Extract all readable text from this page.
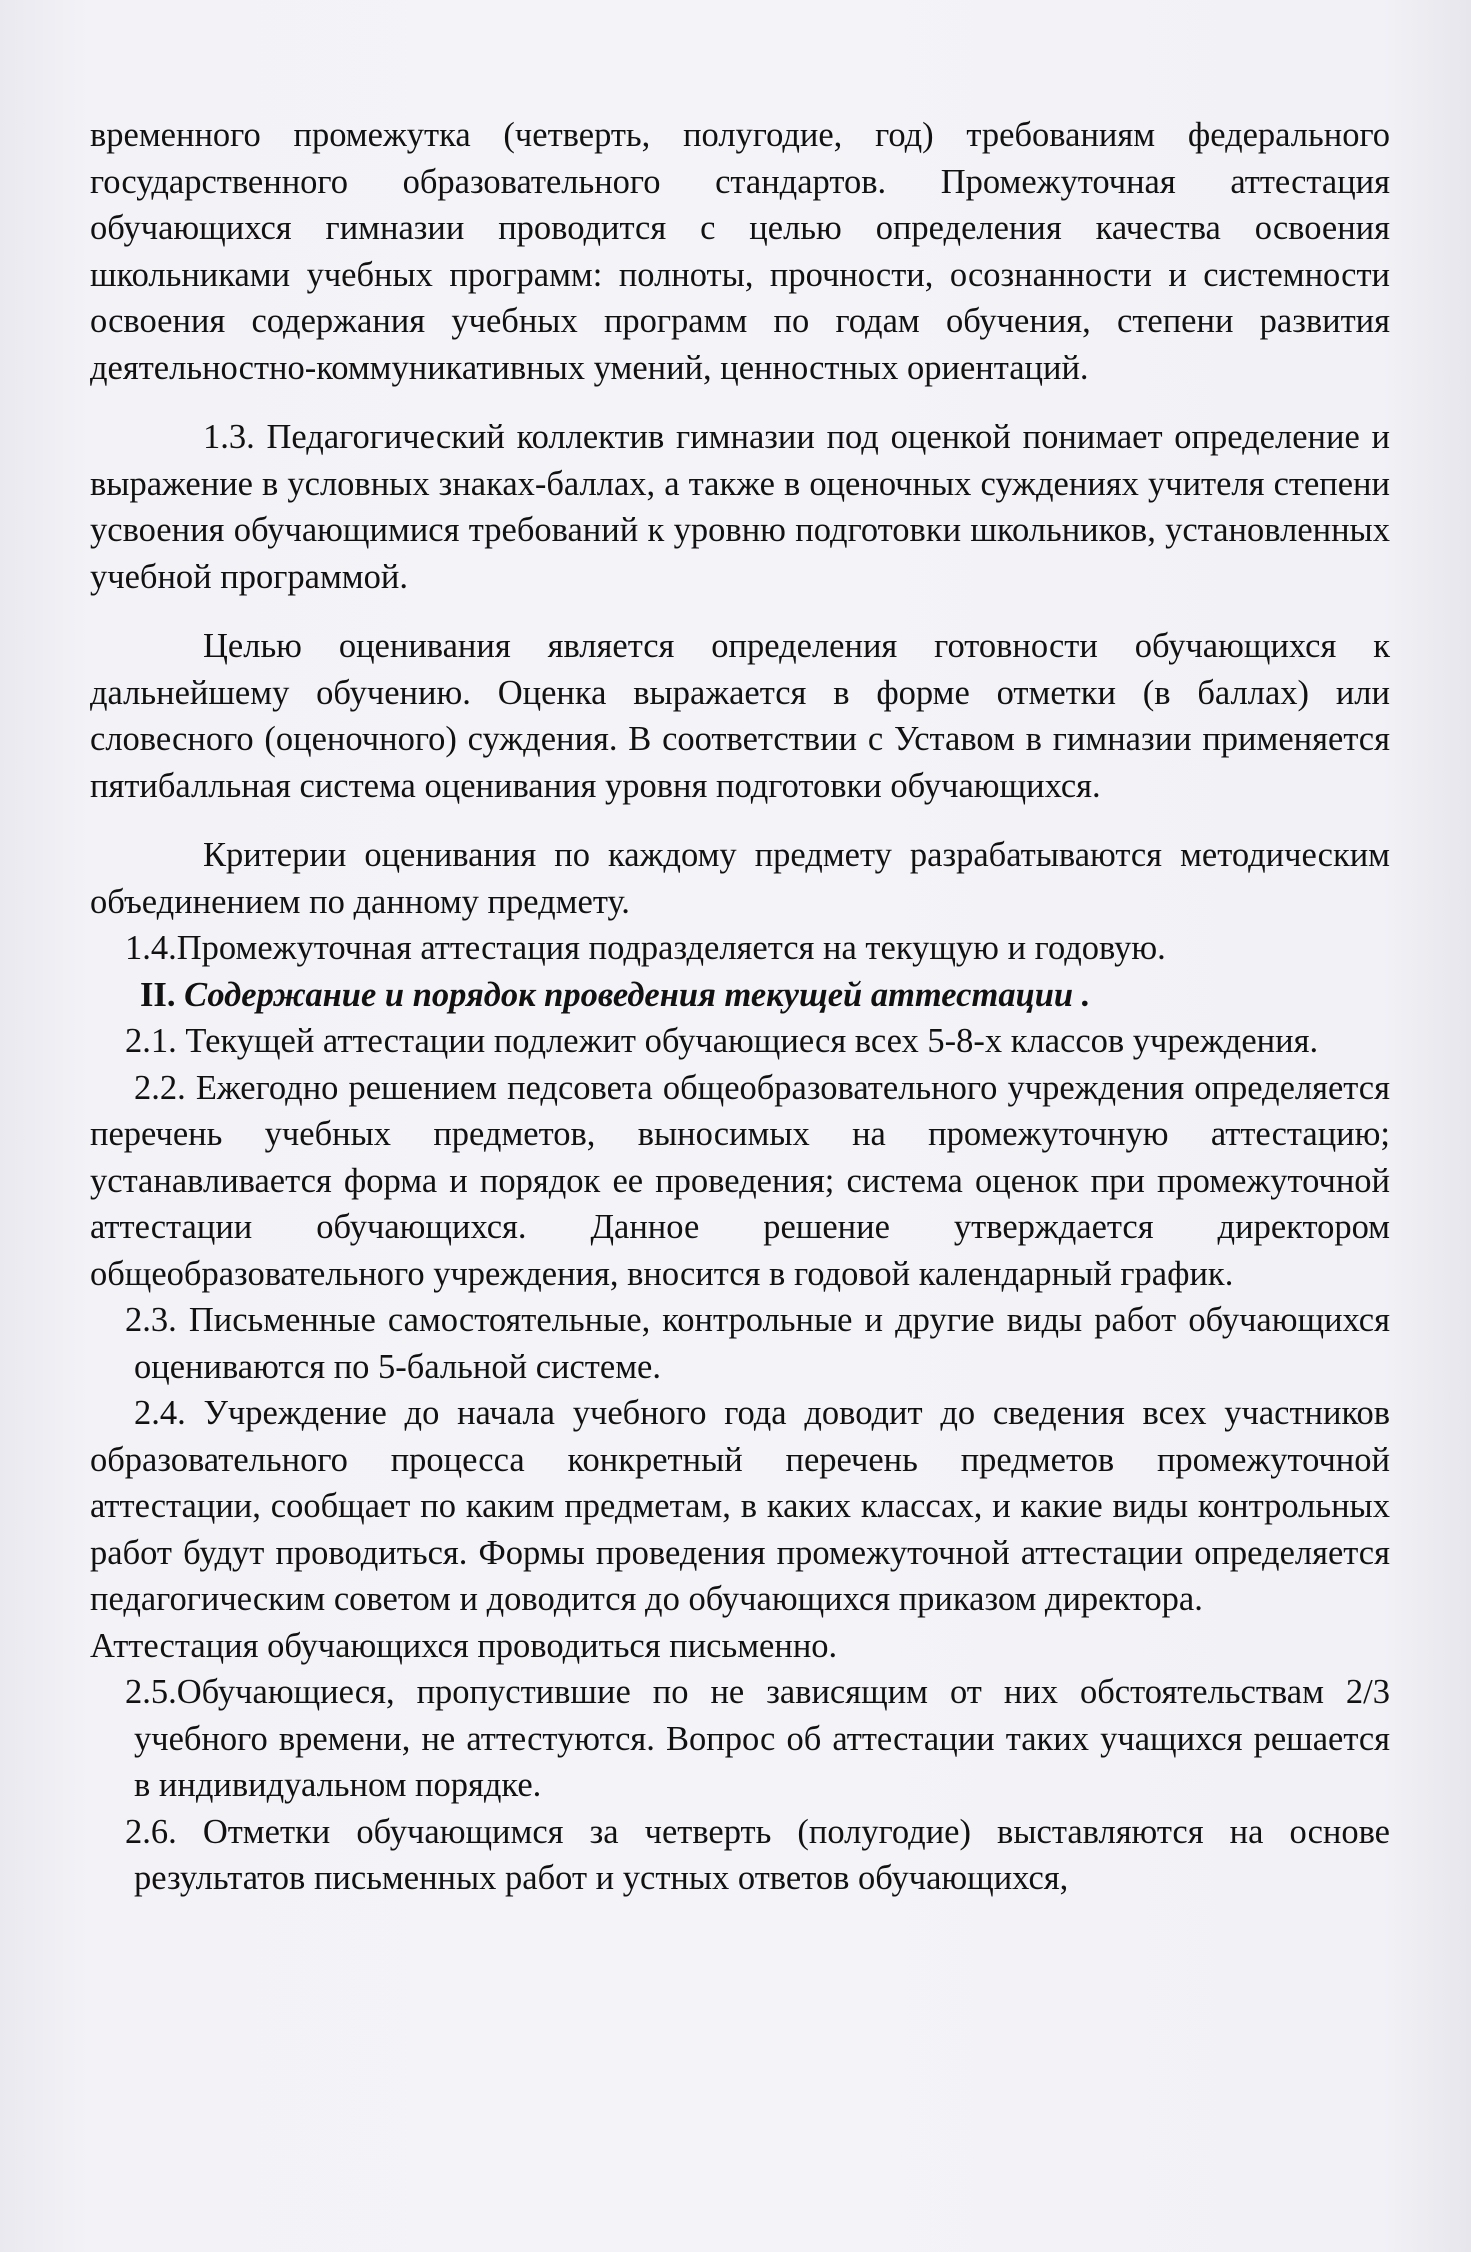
временного промежутка (четверть, полугодие, год) требованиям федерального государственного образовательного стандартов. Промежуточная аттестация обучающихся гимназии проводится с целью определения качества освоения школьниками учебных программ: полноты, прочности, осознанности и системности освоения содержания учебных программ по годам обучения, степени развития деятельностно-коммуникативных умений, ценностных ориентаций.

1.3. Педагогический коллектив гимназии под оценкой понимает определение и выражение в условных знаках-баллах, а также в оценочных суждениях учителя степени усвоения обучающимися требований к уровню подготовки школьников, установленных учебной программой.

Целью оценивания является определения готовности обучающихся к дальнейшему обучению. Оценка выражается в форме отметки (в баллах) или словесного (оценочного) суждения. В соответствии с Уставом в гимназии применяется пятибалльная система оценивания уровня подготовки обучающихся.

Критерии оценивания по каждому предмету разрабатываются методическим объединением по данному предмету.

1.4.Промежуточная аттестация подразделяется на текущую и годовую.

II. Содержание и порядок проведения текущей аттестации .

2.1. Текущей аттестации подлежит обучающиеся всех 5-8-х классов учреждения.

2.2. Ежегодно решением педсовета общеобразовательного учреждения определяется перечень учебных предметов, выносимых на промежуточную аттестацию; устанавливается форма и порядок ее проведения; система оценок при промежуточной аттестации обучающихся. Данное решение утверждается директором общеобразовательного учреждения, вносится в годовой календарный график.

2.3. Письменные самостоятельные, контрольные и другие виды работ обучающихся оцениваются по 5-бальной системе.

2.4. Учреждение до начала учебного года доводит до сведения всех участников образовательного процесса конкретный перечень предметов промежуточной аттестации, сообщает по каким предметам, в каких классах, и какие виды контрольных работ будут проводиться. Формы проведения промежуточной аттестации определяется педагогическим советом и доводится до обучающихся приказом директора.

Аттестация обучающихся проводиться письменно.

2.5.Обучающиеся, пропустившие по не зависящим от них обстоятельствам 2/3 учебного времени, не аттестуются. Вопрос об аттестации таких учащихся решается в индивидуальном порядке.

2.6. Отметки обучающимся за четверть (полугодие) выставляются на основе результатов письменных работ и устных ответов обучающихся,
